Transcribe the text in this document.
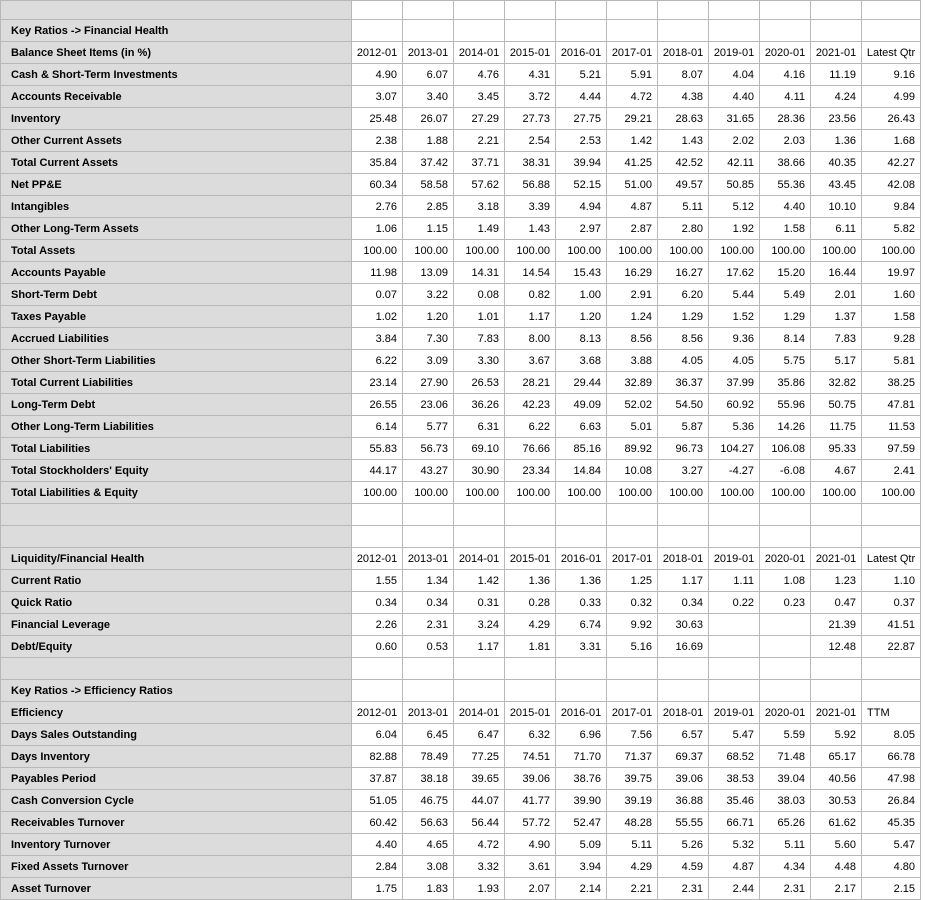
Key Ratios -> Financial Health											
Balance Sheet Items (in %)	2012-01	2013-01	2014-01	2015-01	2016-01	2017-01	2018-01	2019-01	2020-01	2021-01	Latest Qtr
Cash & Short-Term Investments	4.90	6.07	4.76	4.31	5.21	5.91	8.07	4.04	4.16	11.19	9.16
Accounts Receivable	3.07	3.40	3.45	3.72	4.44	4.72	4.38	4.40	4.11	4.24	4.99
Inventory	25.48	26.07	27.29	27.73	27.75	29.21	28.63	31.65	28.36	23.56	26.43
Other Current Assets	2.38	1.88	2.21	2.54	2.53	1.42	1.43	2.02	2.03	1.36	1.68
Total Current Assets	35.84	37.42	37.71	38.31	39.94	41.25	42.52	42.11	38.66	40.35	42.27
Net PP&E	60.34	58.58	57.62	56.88	52.15	51.00	49.57	50.85	55.36	43.45	42.08
Intangibles	2.76	2.85	3.18	3.39	4.94	4.87	5.11	5.12	4.40	10.10	9.84
Other Long-Term Assets	1.06	1.15	1.49	1.43	2.97	2.87	2.80	1.92	1.58	6.11	5.82
Total Assets	100.00	100.00	100.00	100.00	100.00	100.00	100.00	100.00	100.00	100.00	100.00
Accounts Payable	11.98	13.09	14.31	14.54	15.43	16.29	16.27	17.62	15.20	16.44	19.97
Short-Term Debt	0.07	3.22	0.08	0.82	1.00	2.91	6.20	5.44	5.49	2.01	1.60
Taxes Payable	1.02	1.20	1.01	1.17	1.20	1.24	1.29	1.52	1.29	1.37	1.58
Accrued Liabilities	3.84	7.30	7.83	8.00	8.13	8.56	8.56	9.36	8.14	7.83	9.28
Other Short-Term Liabilities	6.22	3.09	3.30	3.67	3.68	3.88	4.05	4.05	5.75	5.17	5.81
Total Current Liabilities	23.14	27.90	26.53	28.21	29.44	32.89	36.37	37.99	35.86	32.82	38.25
Long-Term Debt	26.55	23.06	36.26	42.23	49.09	52.02	54.50	60.92	55.96	50.75	47.81
Other Long-Term Liabilities	6.14	5.77	6.31	6.22	6.63	5.01	5.87	5.36	14.26	11.75	11.53
Total Liabilities	55.83	56.73	69.10	76.66	85.16	89.92	96.73	104.27	106.08	95.33	97.59
Total Stockholders' Equity	44.17	43.27	30.90	23.34	14.84	10.08	3.27	-4.27	-6.08	4.67	2.41
Total Liabilities & Equity	100.00	100.00	100.00	100.00	100.00	100.00	100.00	100.00	100.00	100.00	100.00

Liquidity/Financial Health	2012-01	2013-01	2014-01	2015-01	2016-01	2017-01	2018-01	2019-01	2020-01	2021-01	Latest Qtr
Current Ratio	1.55	1.34	1.42	1.36	1.36	1.25	1.17	1.11	1.08	1.23	1.10
Quick Ratio	0.34	0.34	0.31	0.28	0.33	0.32	0.34	0.22	0.23	0.47	0.37
Financial Leverage	2.26	2.31	3.24	4.29	6.74	9.92	30.63			21.39	41.51
Debt/Equity	0.60	0.53	1.17	1.81	3.31	5.16	16.69			12.48	22.87

Key Ratios -> Efficiency Ratios											
Efficiency	2012-01	2013-01	2014-01	2015-01	2016-01	2017-01	2018-01	2019-01	2020-01	2021-01	TTM
Days Sales Outstanding	6.04	6.45	6.47	6.32	6.96	7.56	6.57	5.47	5.59	5.92	8.05
Days Inventory	82.88	78.49	77.25	74.51	71.70	71.37	69.37	68.52	71.48	65.17	66.78
Payables Period	37.87	38.18	39.65	39.06	38.76	39.75	39.06	38.53	39.04	40.56	47.98
Cash Conversion Cycle	51.05	46.75	44.07	41.77	39.90	39.19	36.88	35.46	38.03	30.53	26.84
Receivables Turnover	60.42	56.63	56.44	57.72	52.47	48.28	55.55	66.71	65.26	61.62	45.35
Inventory Turnover	4.40	4.65	4.72	4.90	5.09	5.11	5.26	5.32	5.11	5.60	5.47
Fixed Assets Turnover	2.84	3.08	3.32	3.61	3.94	4.29	4.59	4.87	4.34	4.48	4.80
Asset Turnover	1.75	1.83	1.93	2.07	2.14	2.21	2.31	2.44	2.31	2.17	2.15
